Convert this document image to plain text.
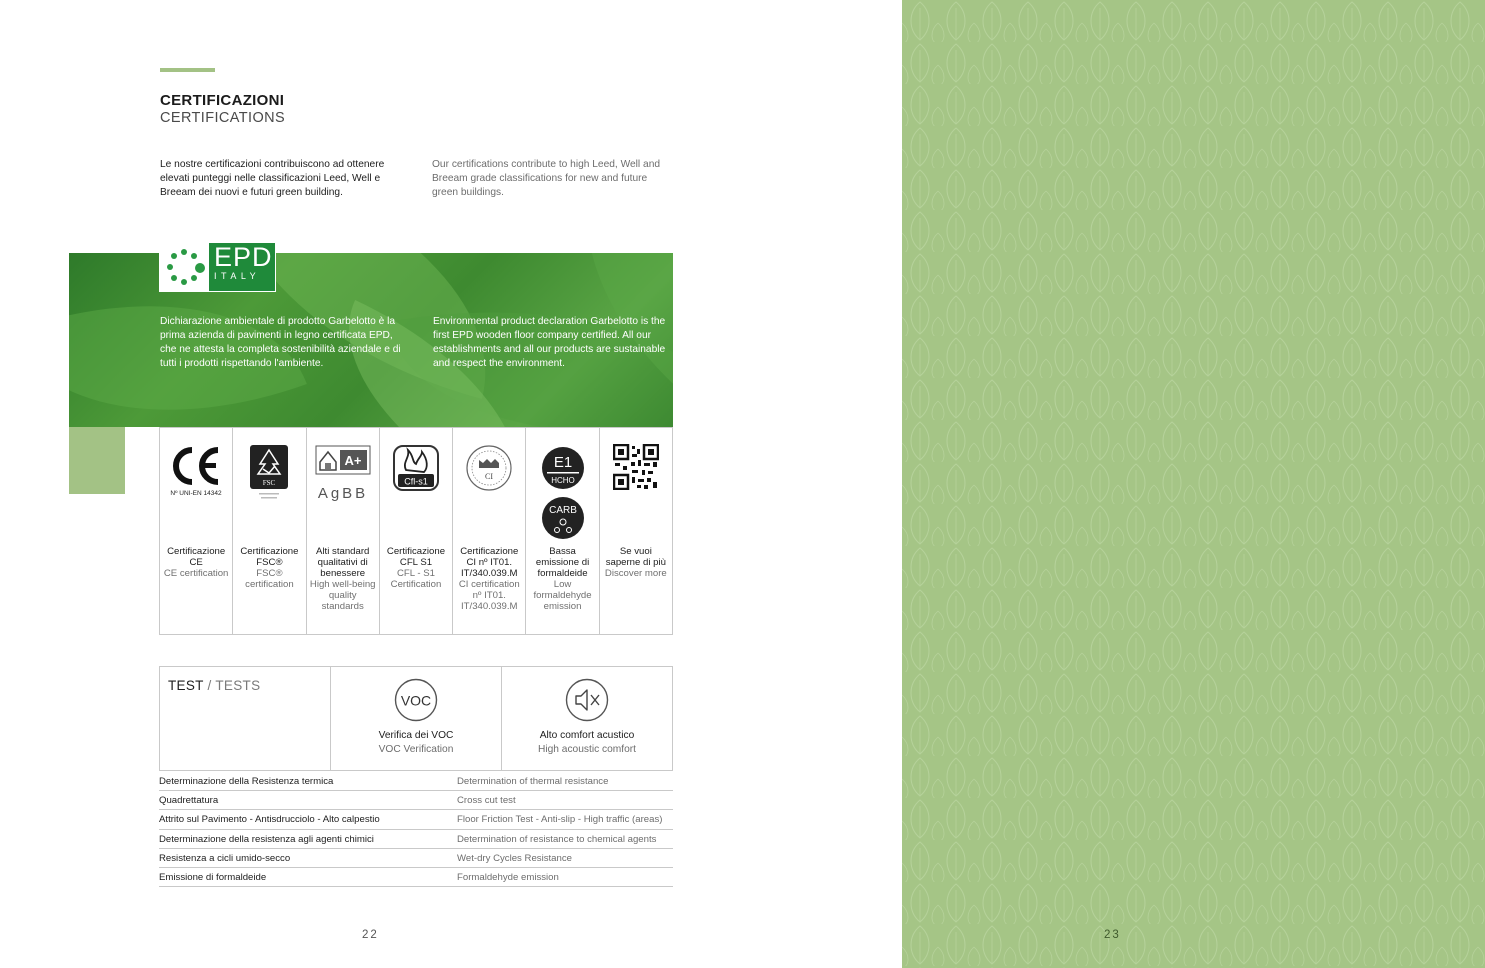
CERTIFICAZIONI
CERTIFICATIONS

Le nostre certificazioni contribuiscono ad ottenere elevati punteggi nelle classificazioni Leed, Well e Breeam dei nuovi e futuri green building.

Our certifications contribute to high Leed, Well and Breeam grade classifications for new and future green buildings.

EPD
ITALY

Dichiarazione ambientale di prodotto Garbelotto è la prima azienda di pavimenti in legno certificata EPD, che ne attesta la completa sostenibilità aziendale e di tutti i prodotti rispettando l'ambiente.

Environmental product declaration Garbelotto is the first EPD wooden floor company certified. All our establishments and all our products are sustainable and respect the environment.

Nº UNI-EN 14342
Certificazione CE
CE certification
FSC
Certificazione FSC®
FSC® certification
A+
AgBB
Alti standard qualitativi di benessere
High well-being quality standards
Cfl-s1
Certificazione CFL S1
CFL - S1 Certification
CI
Certificazione CI nº IT01. IT/340.039.M
CI certification nº IT01. IT/340.039.M
E1
HCHO
CARB
Bassa emissione di formaldeide
Low formaldehyde emission
Se vuoi saperne di più
Discover more
TEST / TESTS
VOC
Verifica dei VOC
VOC Verification
Alto comfort acustico
High acoustic comfort
Determinazione della Resistenza termica	Determination of thermal resistance
Quadrettatura	Cross cut test
Attrito sul Pavimento - Antisdrucciolo - Alto calpestio	Floor Friction Test - Anti-slip - High traffic (areas)
Determinazione della resistenza agli agenti chimici	Determination of resistance to chemical agents
Resistenza a cicli umido-secco	Wet-dry Cycles Resistance
Emissione di formaldeide	Formaldehyde emission
22	23
